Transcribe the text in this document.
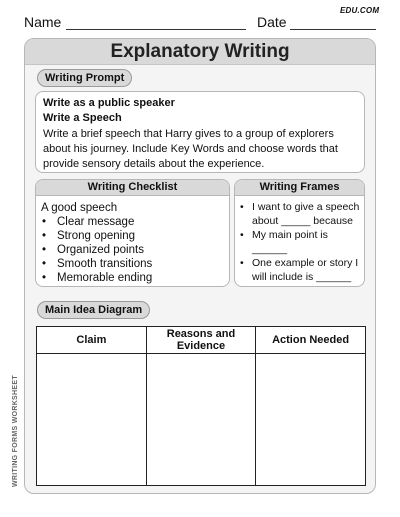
Name	Date
EDU.COM
Explanatory Writing
Writing Prompt
Write as a public speaker
Write a Speech
Write a brief speech that Harry gives to a group of explorers about his journey. Include Key Words and choose words that provide sensory details about the experience.
Writing Checklist
A good speech
• Clear message
• Strong opening
• Organized points
• Smooth transitions
• Memorable ending
Writing Frames
• I want to give a speech about _____ because
• My main point is ______
• One example or story I will include is ______
Main Idea Diagram
Claim	Reasons and Evidence	Action Needed

WRITING FORMS WORKSHEET
